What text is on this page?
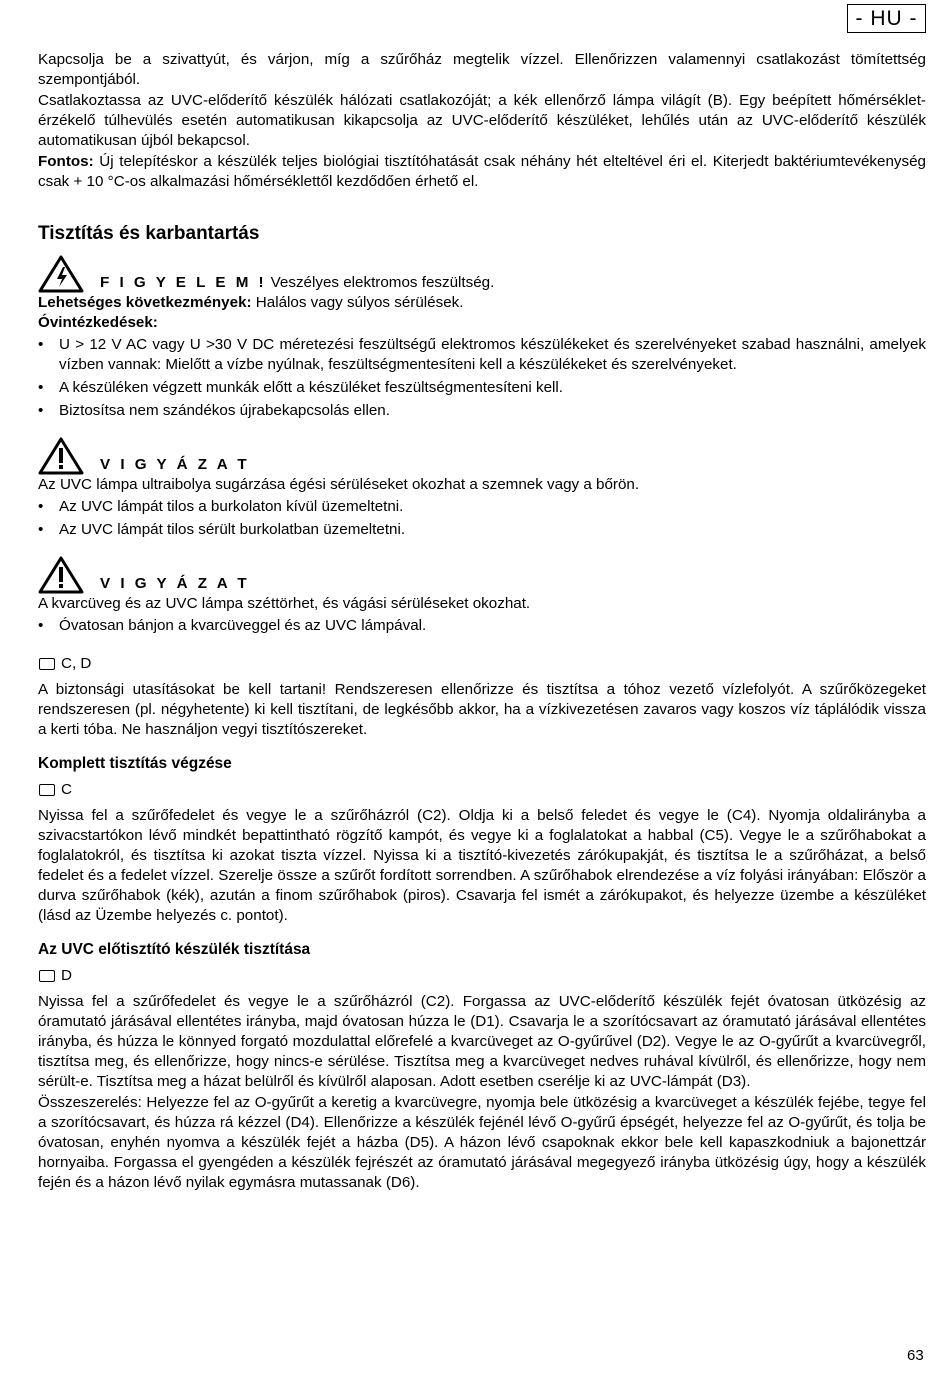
- HU -

Kapcsolja be a szivattyút, és várjon, míg a szűrőház megtelik vízzel. Ellenőrizzen valamennyi csatlakozást tömítettség szempontjából.

Csatlakoztassa az UVC-előderítő készülék hálózati csatlakozóját; a kék ellenőrző lámpa világít (B). Egy beépített hőmérséklet-érzékelő túlhevülés esetén automatikusan kikapcsolja az UVC-előderítő készüléket, lehűlés után az UVC-előderítő készülék automatikusan újból bekapcsol.

Fontos: Új telepítéskor a készülék teljes biológiai tisztítóhatását csak néhány hét elteltével éri el. Kiterjedt baktériumtevékenység csak + 10 °C-os alkalmazási hőmérséklettől kezdődően érhető el.

Tisztítás és karbantartás
F I G Y E L E M ! Veszélyes elektromos feszültség.

Lehetséges következmények: Halálos vagy súlyos sérülések.

Óvintézkedések:

• U > 12 V AC vagy U >30 V DC méretezési feszültségű elektromos készülékeket és szerelvényeket szabad használni, amelyek vízben vannak: Mielőtt a vízbe nyúlnak, feszültségmentesíteni kell a készülékeket és szerelvényeket.
• A készüléken végzett munkák előtt a készüléket feszültségmentesíteni kell.
• Biztosítsa nem szándékos újrabekapcsolás ellen.
V I G Y Á Z A T

Az UVC lámpa ultraibolya sugárzása égési sérüléseket okozhat a szemnek vagy a bőrön.

• Az UVC lámpát tilos a burkolaton kívül üzemeltetni.
• Az UVC lámpát tilos sérült burkolatban üzemeltetni.
V I G Y Á Z A T

A kvarcüveg és az UVC lámpa széttörhet, és vágási sérüléseket okozhat.

• Óvatosan bánjon a kvarcüveggel és az UVC lámpával.
C, D

A biztonsági utasításokat be kell tartani! Rendszeresen ellenőrizze és tisztítsa a tóhoz vezető vízlefolyót. A szűrőközegeket rendszeresen (pl. négyhetente) ki kell tisztítani, de legkésőbb akkor, ha a vízkivezetésen zavaros vagy koszos víz táplálódik vissza a kerti tóba. Ne használjon vegyi tisztítószereket.

Komplett tisztítás végzése
C

Nyissa fel a szűrőfedelet és vegye le a szűrőházról (C2). Oldja ki a belső feledet és vegye le (C4). Nyomja oldalirányba a szivacstartókon lévő mindkét bepattintható rögzítő kampót, és vegye ki a foglalatokat a habbal (C5). Vegye le a szűrőhabokat a foglalatokról, és tisztítsa ki azokat tiszta vízzel. Nyissa ki a tisztító-kivezetés zárókupakját, és tisztítsa le a szűrőházat, a belső fedelet és a fedelet vízzel. Szerelje össze a szűrőt fordított sorrendben. A szűrőhabok elrendezése a víz folyási irányában: Először a durva szűrőhabok (kék), azután a finom szűrőhabok (piros). Csavarja fel ismét a zárókupakot, és helyezze üzembe a készüléket (lásd az Üzembe helyezés c. pontot).

Az UVC előtisztító készülék tisztítása
D

Nyissa fel a szűrőfedelet és vegye le a szűrőházról (C2). Forgassa az UVC-előderítő készülék fejét óvatosan ütközésig az óramutató járásával ellentétes irányba, majd óvatosan húzza le (D1). Csavarja le a szorítócsavart az óramutató járásával ellentétes irányba, és húzza le könnyed forgató mozdulattal előrefelé a kvarcüveget az O-gyűrűvel (D2). Vegye le az O-gyűrűt a kvarcüvegről, tisztítsa meg, és ellenőrizze, hogy nincs-e sérülése. Tisztítsa meg a kvarcüveget nedves ruhával kívülről, és ellenőrizze, hogy nem sérült-e. Tisztítsa meg a házat belülről és kívülről alaposan. Adott esetben cserélje ki az UVC-lámpát (D3).

Összeszerelés: Helyezze fel az O-gyűrűt a keretig a kvarcüvegre, nyomja bele ütközésig a kvarcüveget a készülék fejébe, tegye fel a szorítócsavart, és húzza rá kézzel (D4). Ellenőrizze a készülék fejénél lévő O-gyűrű épségét, helyezze fel az O-gyűrűt, és tolja be óvatosan, enyhén nyomva a készülék fejét a házba (D5). A házon lévő csapoknak ekkor bele kell kapaszkodniuk a bajonettzár hornyaiba. Forgassa el gyengéden a készülék fejrészét az óramutató járásával megegyező irányba ütközésig úgy, hogy a készülék fején és a házon lévő nyilak egymásra mutassanak (D6).

63
